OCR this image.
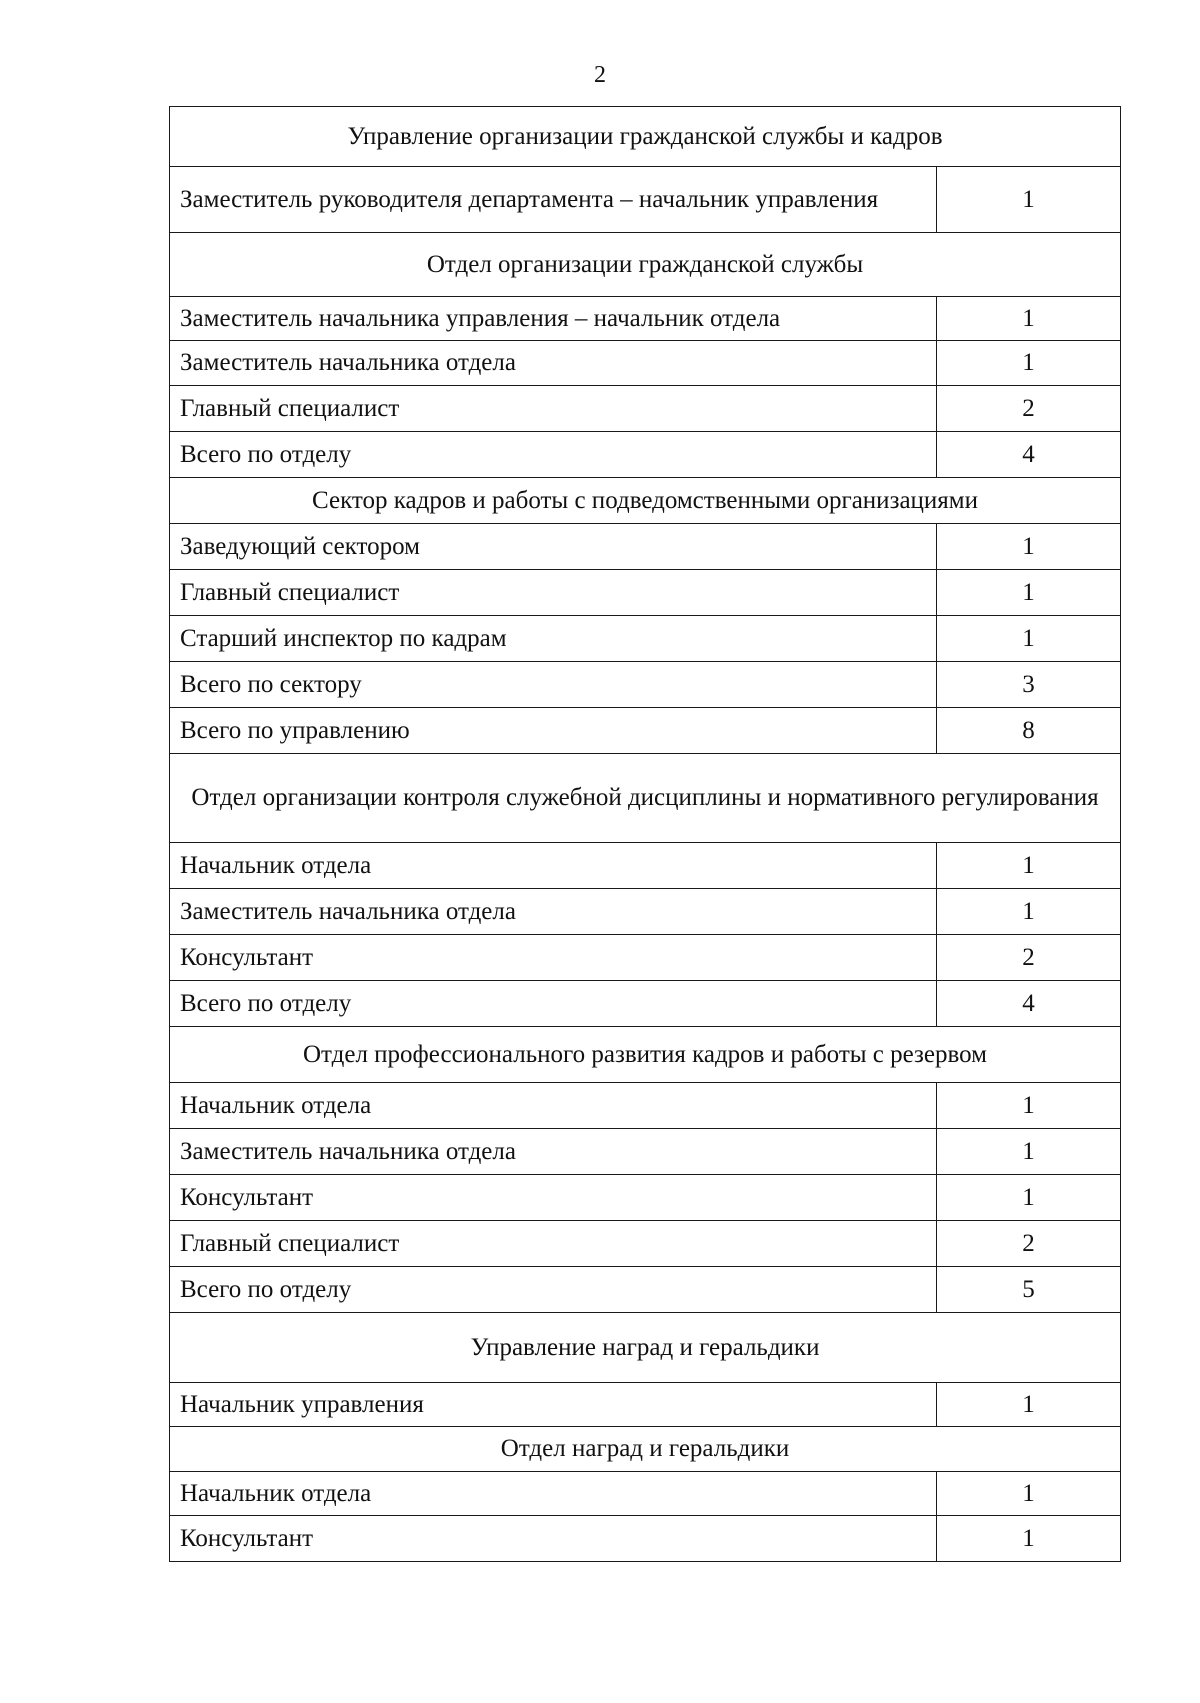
2
Управление организации гражданской службы и кадров	
Заместитель руководителя департамента – начальник управления	1
Отдел организации гражданской службы	
Заместитель начальника управления – начальник отдела	1
Заместитель начальника отдела	1
Главный специалист	2
Всего по отделу	4
Сектор кадров и работы с подведомственными организациями	
Заведующий сектором	1
Главный специалист	1
Старший инспектор по кадрам	1
Всего по сектору	3
Всего по управлению	8
Отдел организации контроля служебной дисциплины и нормативного регулирования	
Начальник отдела	1
Заместитель начальника отдела	1
Консультант	2
Всего по отделу	4
Отдел профессионального развития кадров и работы с резервом	
Начальник отдела	1
Заместитель начальника отдела	1
Консультант	1
Главный специалист	2
Всего по отделу	5
Управление наград и геральдики	
Начальник управления	1
Отдел наград и геральдики	
Начальник отдела	1
Консультант	1
